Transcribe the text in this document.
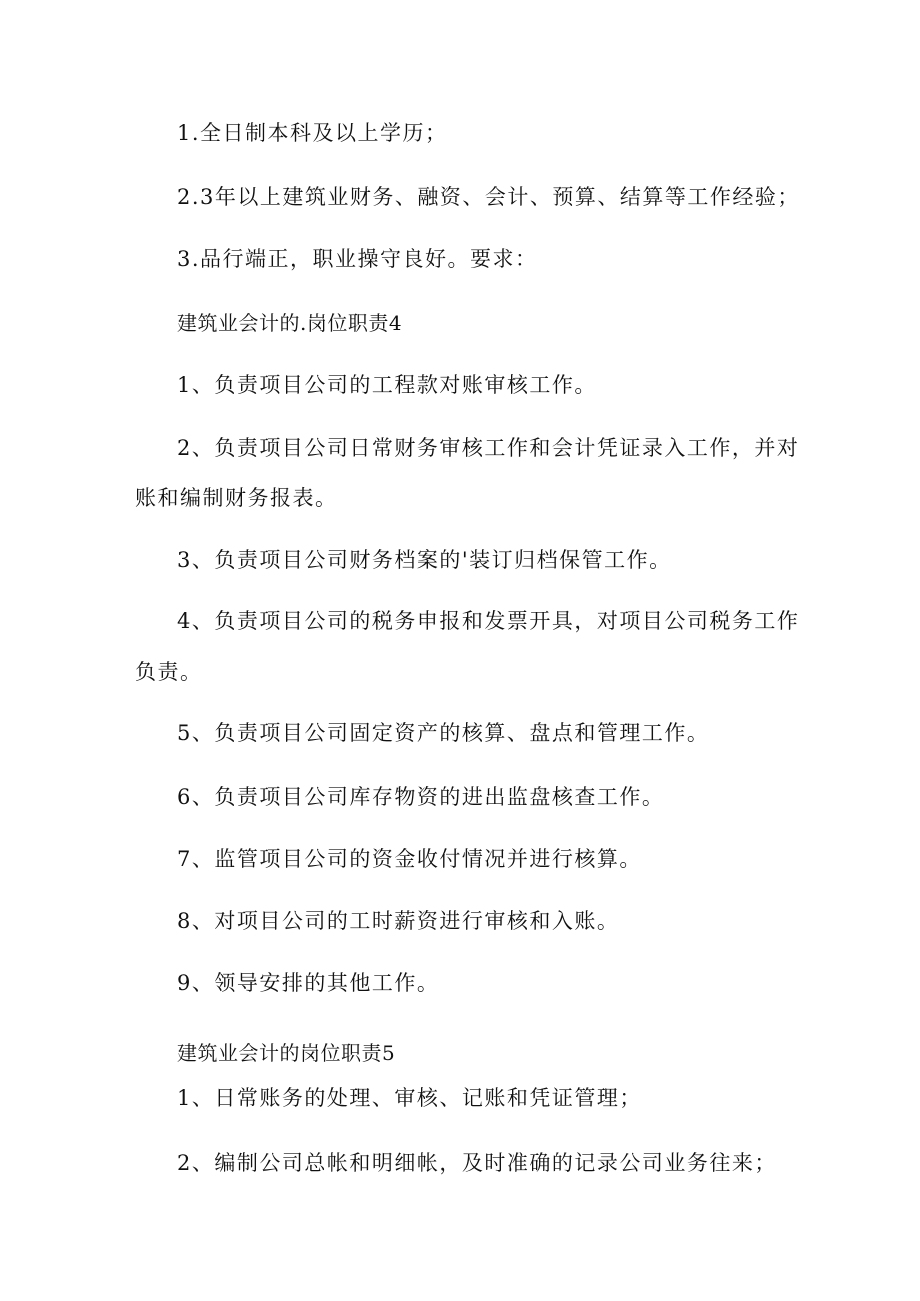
1.全日制本科及以上学历；
2.3年以上建筑业财务、融资、会计、预算、结算等工作经验；
3.品行端正，职业操守良好。要求：
建筑业会计的.岗位职责4
1、负责项目公司的工程款对账审核工作。
2、负责项目公司日常财务审核工作和会计凭证录入工作，并对
账和编制财务报表。
3、负责项目公司财务档案的'装订归档保管工作。
4、负责项目公司的税务申报和发票开具，对项目公司税务工作
负责。
5、负责项目公司固定资产的核算、盘点和管理工作。
6、负责项目公司库存物资的进出监盘核查工作。
7、监管项目公司的资金收付情况并进行核算。
8、对项目公司的工时薪资进行审核和入账。
9、领导安排的其他工作。
建筑业会计的岗位职责5
1、日常账务的处理、审核、记账和凭证管理；
2、编制公司总帐和明细帐，及时准确的记录公司业务往来；
